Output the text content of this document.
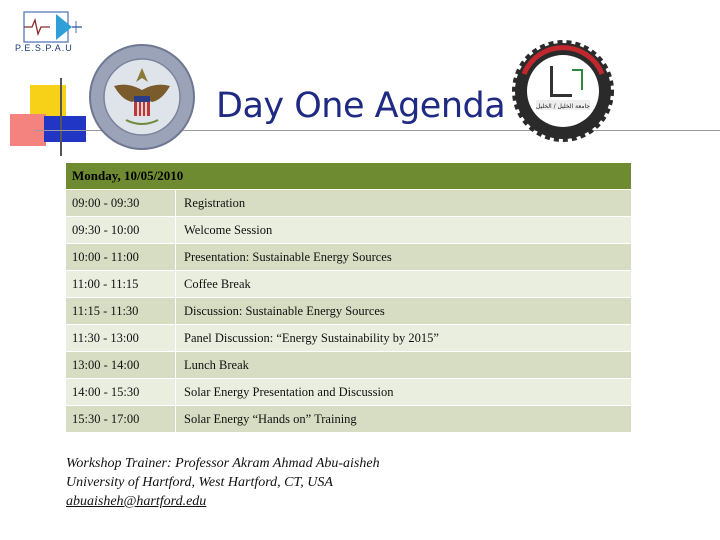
P.E.S.P.A.U
جامعة الخليل / الخليل
Day One Agenda
Monday, 10/05/2010
09:00 - 09:30	Registration
09:30 - 10:00	Welcome Session
10:00 - 11:00	Presentation: Sustainable Energy Sources
11:00 - 11:15	Coffee Break
11:15 - 11:30	Discussion: Sustainable Energy Sources
11:30 - 13:00	Panel Discussion: “Energy Sustainability by 2015”
13:00 - 14:00	Lunch Break
14:00 - 15:30	Solar Energy Presentation and Discussion
15:30 - 17:00	Solar Energy “Hands on” Training
Workshop Trainer: Professor Akram Ahmad Abu-aisheh
University of Hartford, West Hartford, CT, USA
abuaisheh@hartford.edu
